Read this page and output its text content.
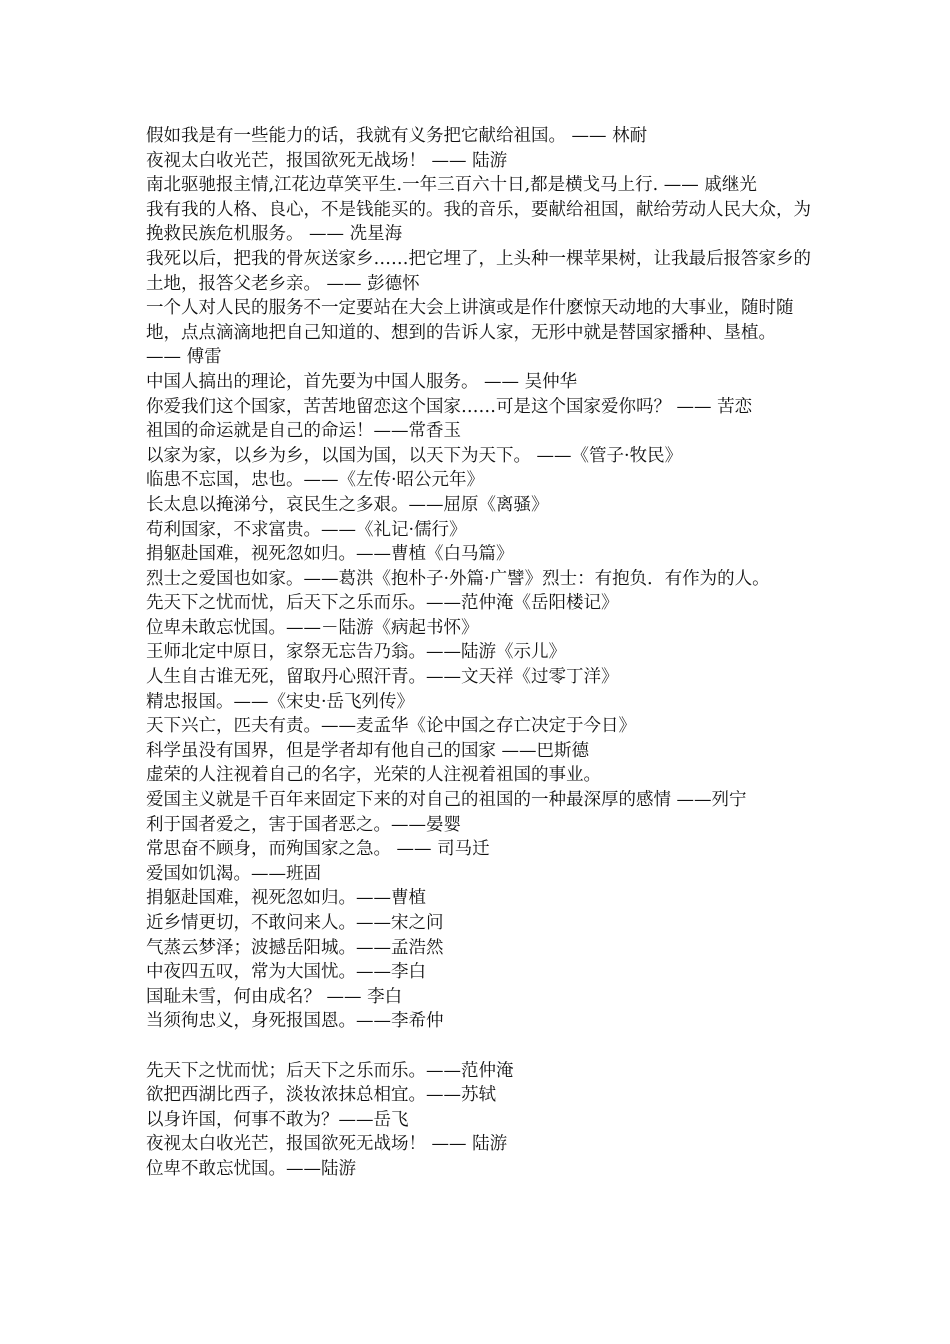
假如我是有一些能力的话，我就有义务把它献给祖国。 —— 林耐

夜视太白收光芒，报国欲死无战场！ —— 陆游

南北驱驰报主情,江花边草笑平生.一年三百六十日,都是横戈马上行. —— 戚继光

我有我的人格、良心，不是钱能买的。我的音乐，要献给祖国，献给劳动人民大众，为挽救民族危机服务。 —— 冼星海

我死以后，把我的骨灰送家乡……把它埋了，上头种一棵苹果树，让我最后报答家乡的土地，报答父老乡亲。 —— 彭德怀

一个人对人民的服务不一定要站在大会上讲演或是作什麽惊天动地的大事业，随时随地，点点滴滴地把自己知道的、想到的告诉人家，无形中就是替国家播种、垦植。 —— 傅雷

中国人搞出的理论，首先要为中国人服务。 —— 吴仲华

你爱我们这个国家，苦苦地留恋这个国家……可是这个国家爱你吗？ —— 苦恋

祖国的命运就是自己的命运！——常香玉

以家为家，以乡为乡，以国为国，以天下为天下。 ——《管子·牧民》

临患不忘国，忠也。——《左传·昭公元年》

长太息以掩涕兮，哀民生之多艰。——屈原《离骚》

苟利国家，不求富贵。——《礼记·儒行》

捐躯赴国难，视死忽如归。——曹植《白马篇》

烈士之爱国也如家。——葛洪《抱朴子·外篇·广譬》烈士：有抱负．有作为的人。

先天下之忧而忧，后天下之乐而乐。——范仲淹《岳阳楼记》

位卑未敢忘忧国。——－陆游《病起书怀》

王师北定中原日，家祭无忘告乃翁。——陆游《示儿》

人生自古谁无死，留取丹心照汗青。——文天祥《过零丁洋》

精忠报国。——《宋史·岳飞列传》

天下兴亡，匹夫有责。——麦孟华《论中国之存亡决定于今日》

科学虽没有国界，但是学者却有他自己的国家 ——巴斯德

虚荣的人注视着自己的名字，光荣的人注视着祖国的事业。

爱国主义就是千百年来固定下来的对自己的祖国的一种最深厚的感情 ——列宁

利于国者爱之，害于国者恶之。——晏婴

常思奋不顾身，而殉国家之急。 —— 司马迁

爱国如饥渴。——班固

捐躯赴国难，视死忽如归。——曹植

近乡情更切，不敢问来人。——宋之问

气蒸云梦泽；波撼岳阳城。——孟浩然

中夜四五叹，常为大国忧。——李白

国耻未雪，何由成名？ —— 李白

当须徇忠义，身死报国恩。——李希仲

先天下之忧而忧；后天下之乐而乐。——范仲淹

欲把西湖比西子，淡妆浓抹总相宜。——苏轼

以身许国，何事不敢为？——岳飞

夜视太白收光芒，报国欲死无战场！ —— 陆游

位卑不敢忘忧国。——陆游
